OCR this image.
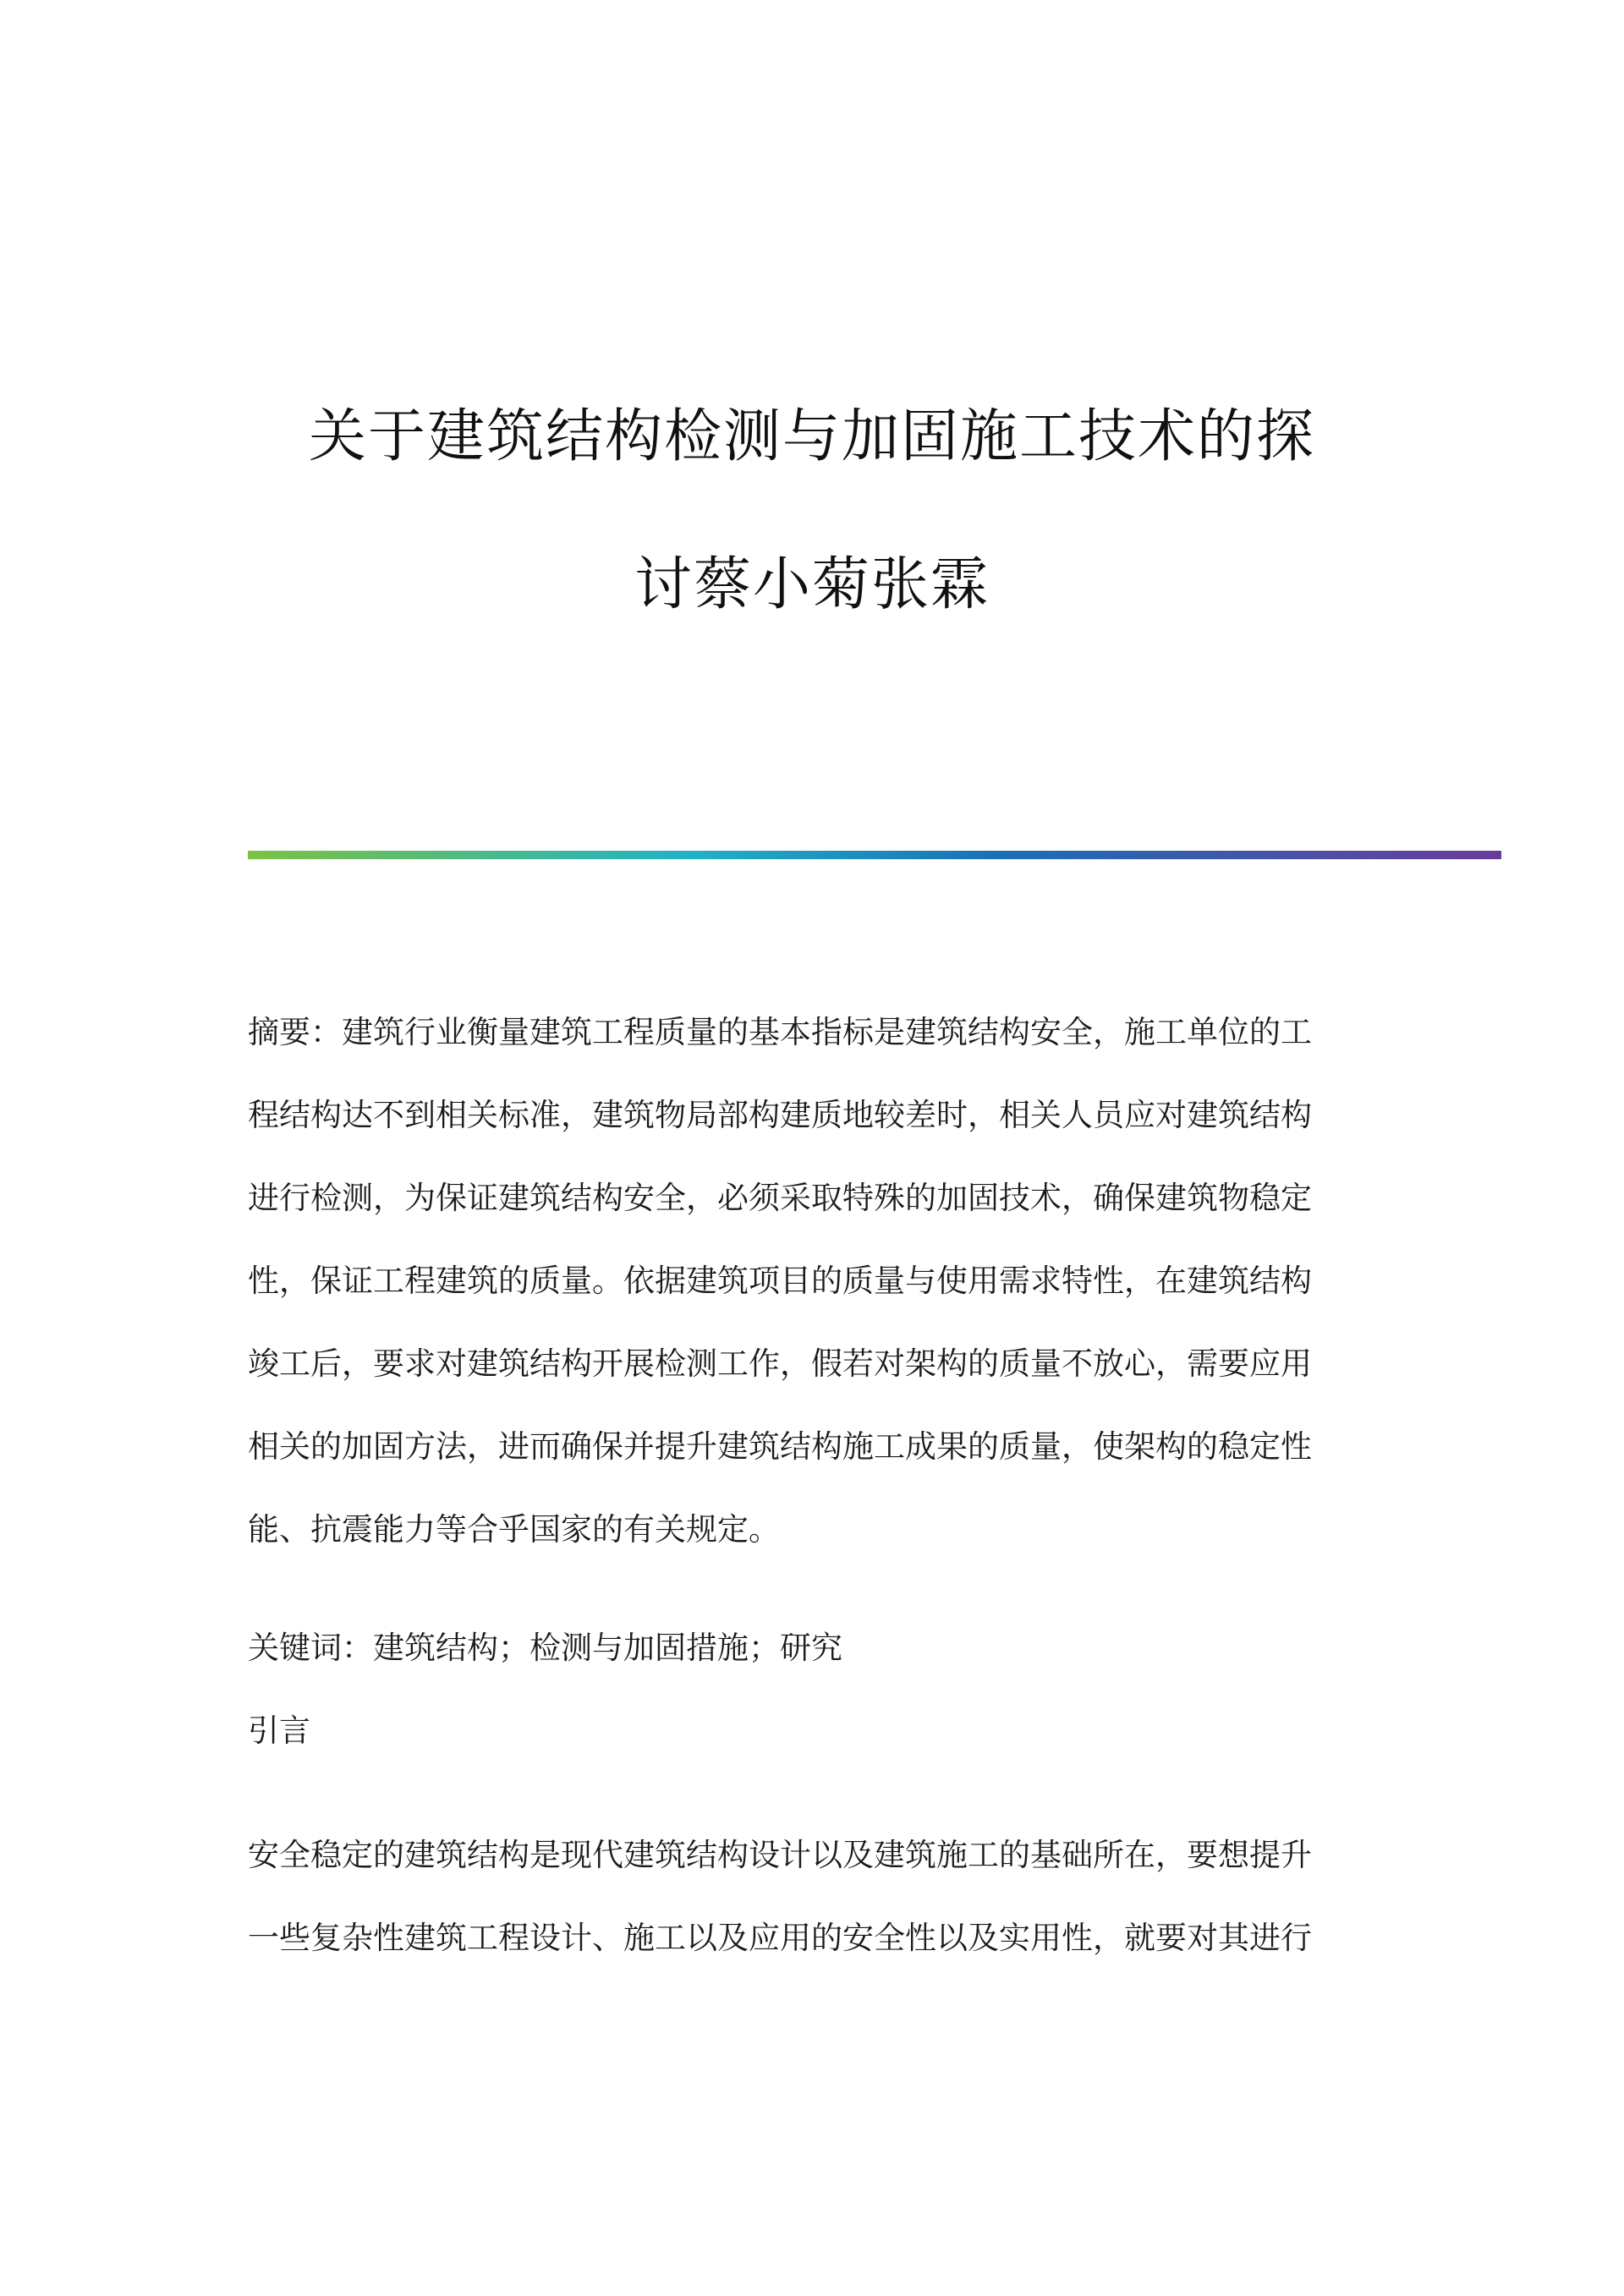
关于建筑结构检测与加固施工技术的探
讨蔡小菊张霖
摘要：建筑行业衡量建筑工程质量的基本指标是建筑结构安全，施工单位的工
程结构达不到相关标准，建筑物局部构建质地较差时，相关人员应对建筑结构
进行检测，为保证建筑结构安全，必须采取特殊的加固技术，确保建筑物稳定
性，保证工程建筑的质量。依据建筑项目的质量与使用需求特性，在建筑结构
竣工后，要求对建筑结构开展检测工作，假若对架构的质量不放心，需要应用
相关的加固方法，进而确保并提升建筑结构施工成果的质量，使架构的稳定性
能、抗震能力等合乎国家的有关规定。
关键词：建筑结构；检测与加固措施；研究
引言
安全稳定的建筑结构是现代建筑结构设计以及建筑施工的基础所在，要想提升
一些复杂性建筑工程设计、施工以及应用的安全性以及实用性，就要对其进行
